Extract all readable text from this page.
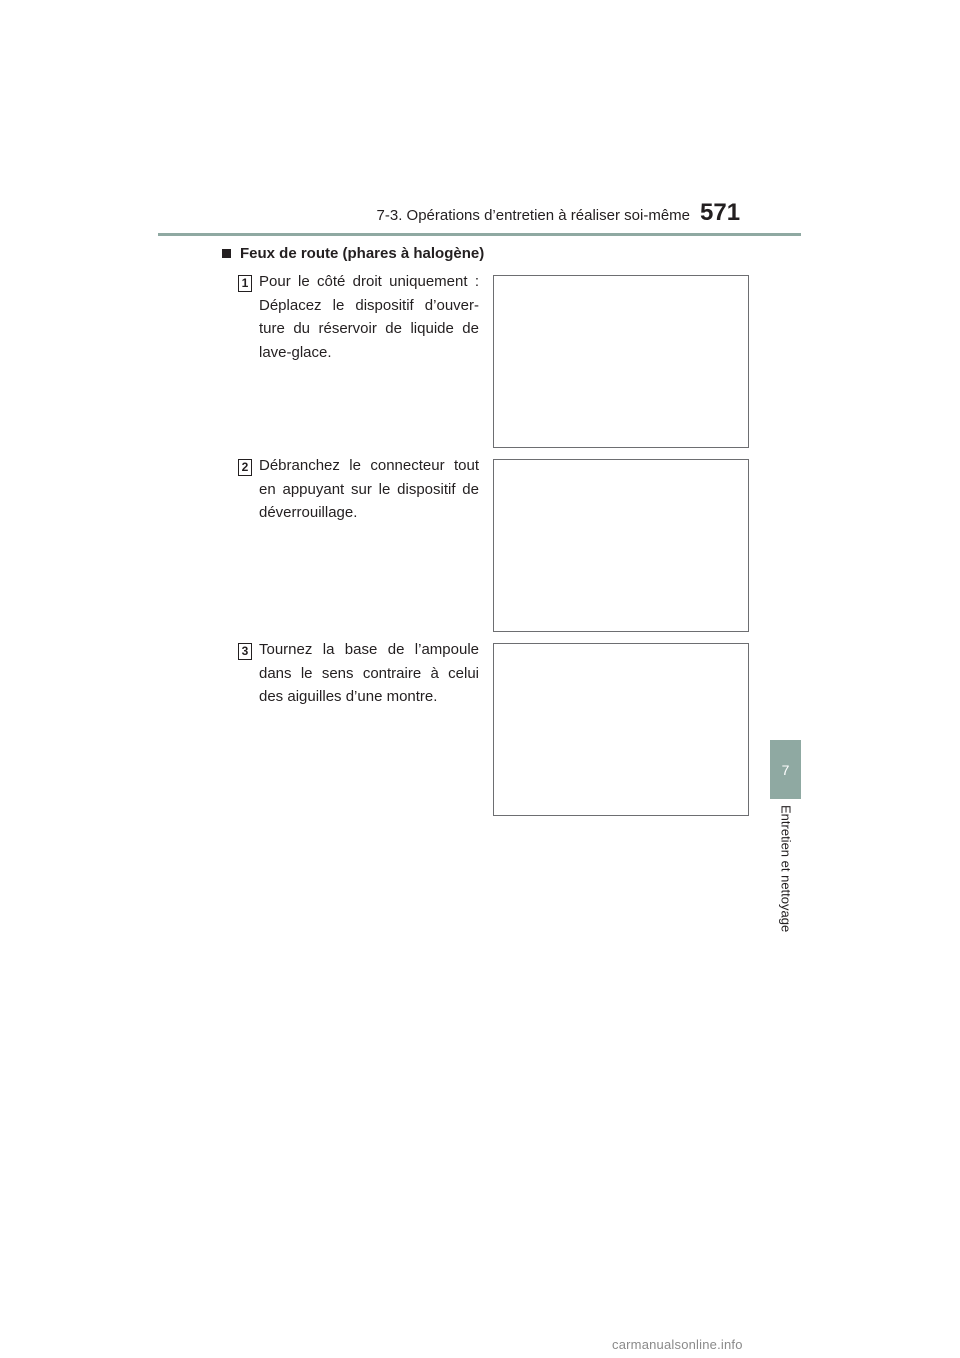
7-3. Opérations d’entretien à réaliser soi-même 571
7
Entretien et nettoyage
Feux de route (phares à halogène)
1 Pour le côté droit uniquement : Déplacez le dispositif d’ouver-ture du réservoir de liquide de lave-glace.
2 Débranchez le connecteur tout en appuyant sur le dispositif de déverrouillage.
3 Tournez la base de l’ampoule dans le sens contraire à celui des aiguilles d’une montre.
carmanualsonline.info
